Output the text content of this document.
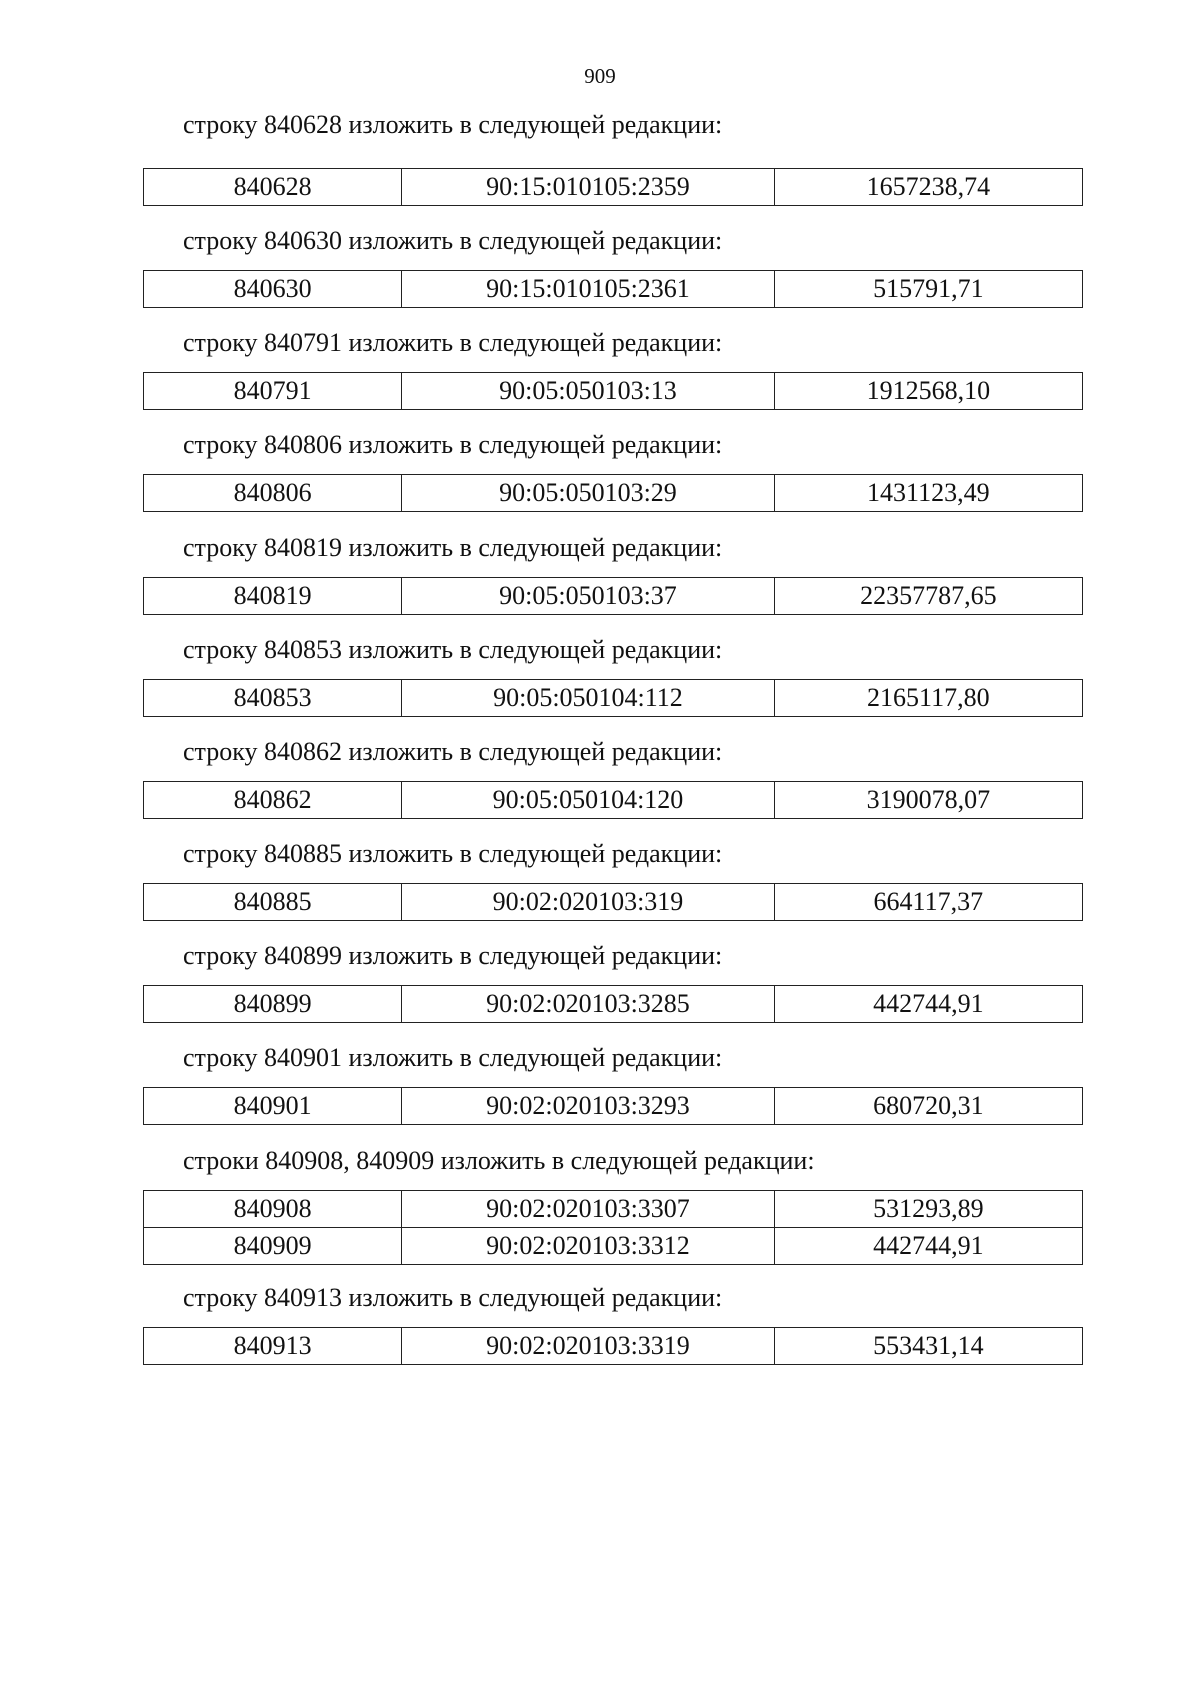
909
строку 840628 изложить в следующей редакции:
840628	90:15:010105:2359	1657238,74
строку 840630 изложить в следующей редакции:
840630	90:15:010105:2361	515791,71
строку 840791 изложить в следующей редакции:
840791	90:05:050103:13	1912568,10
строку 840806 изложить в следующей редакции:
840806	90:05:050103:29	1431123,49
строку 840819 изложить в следующей редакции:
840819	90:05:050103:37	22357787,65
строку 840853 изложить в следующей редакции:
840853	90:05:050104:112	2165117,80
строку 840862 изложить в следующей редакции:
840862	90:05:050104:120	3190078,07
строку 840885 изложить в следующей редакции:
840885	90:02:020103:319	664117,37
строку 840899 изложить в следующей редакции:
840899	90:02:020103:3285	442744,91
строку 840901 изложить в следующей редакции:
840901	90:02:020103:3293	680720,31
строки 840908, 840909 изложить в следующей редакции:
840908	90:02:020103:3307	531293,89
840909	90:02:020103:3312	442744,91
строку 840913 изложить в следующей редакции:
840913	90:02:020103:3319	553431,14
